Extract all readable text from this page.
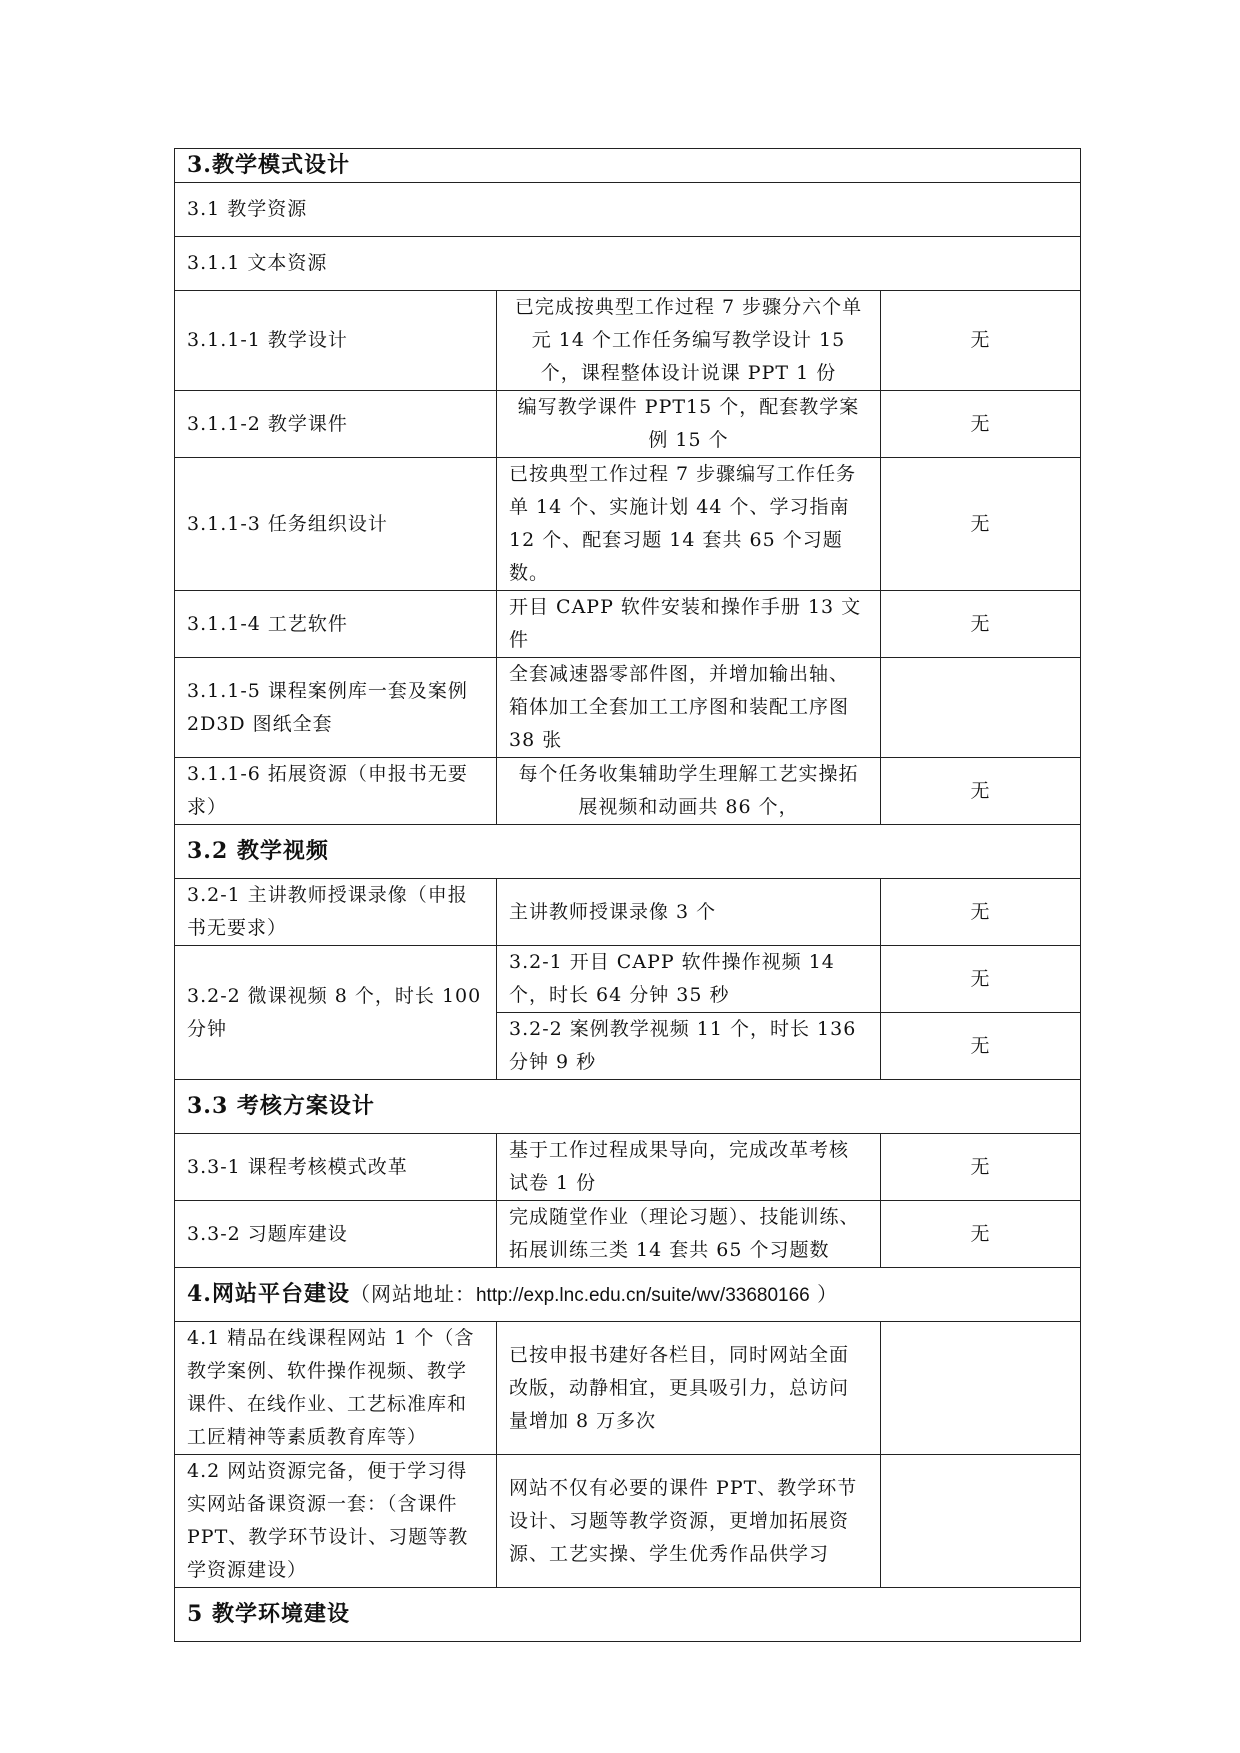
3.教学模式设计		
3.1 教学资源		
3.1.1 文本资源		
3.1.1-1 教学设计	已完成按典型工作过程 7 步骤分六个单元 14 个工作任务编写教学设计 15 个，课程整体设计说课 PPT 1 份	无
3.1.1-2 教学课件	编写教学课件 PPT15 个，配套教学案例 15 个	无
3.1.1-3 任务组织设计	已按典型工作过程 7 步骤编写工作任务单 14 个、实施计划 44 个、学习指南 12 个、配套习题 14 套共 65 个习题数。	无
3.1.1-4 工艺软件	开目 CAPP 软件安装和操作手册 13 文件	无
3.1.1-5 课程案例库一套及案例 2D3D 图纸全套	全套减速器零部件图，并增加输出轴、箱体加工全套加工工序图和装配工序图 38 张	
3.1.1-6 拓展资源（申报书无要求）	每个任务收集辅助学生理解工艺实操拓展视频和动画共 86 个，	无
3.2 教学视频		
3.2-1 主讲教师授课录像（申报书无要求）	主讲教师授课录像 3 个	无
3.2-2 微课视频 8 个，时长 100 分钟	3.2-1 开目 CAPP 软件操作视频 14 个，时长 64 分钟 35 秒	无
	3.2-2 案例教学视频 11 个，时长 136 分钟 9 秒	无
3.3 考核方案设计		
3.3-1 课程考核模式改革	基于工作过程成果导向，完成改革考核试卷 1 份	无
3.3-2 习题库建设	完成随堂作业（理论习题）、技能训练、拓展训练三类 14 套共 65 个习题数	无
4.网站平台建设（网站地址：http://exp.lnc.edu.cn/suite/wv/33680166 ）		
4.1 精品在线课程网站 1 个（含教学案例、软件操作视频、教学课件、在线作业、工艺标准库和工匠精神等素质教育库等）	已按申报书建好各栏目，同时网站全面改版，动静相宜，更具吸引力，总访问量增加 8 万多次	
4.2 网站资源完备，便于学习得实网站备课资源一套：（含课件 PPT、教学环节设计、习题等教学资源建设）	网站不仅有必要的课件 PPT、教学环节设计、习题等教学资源，更增加拓展资源、工艺实操、学生优秀作品供学习	
5 教学环境建设		
